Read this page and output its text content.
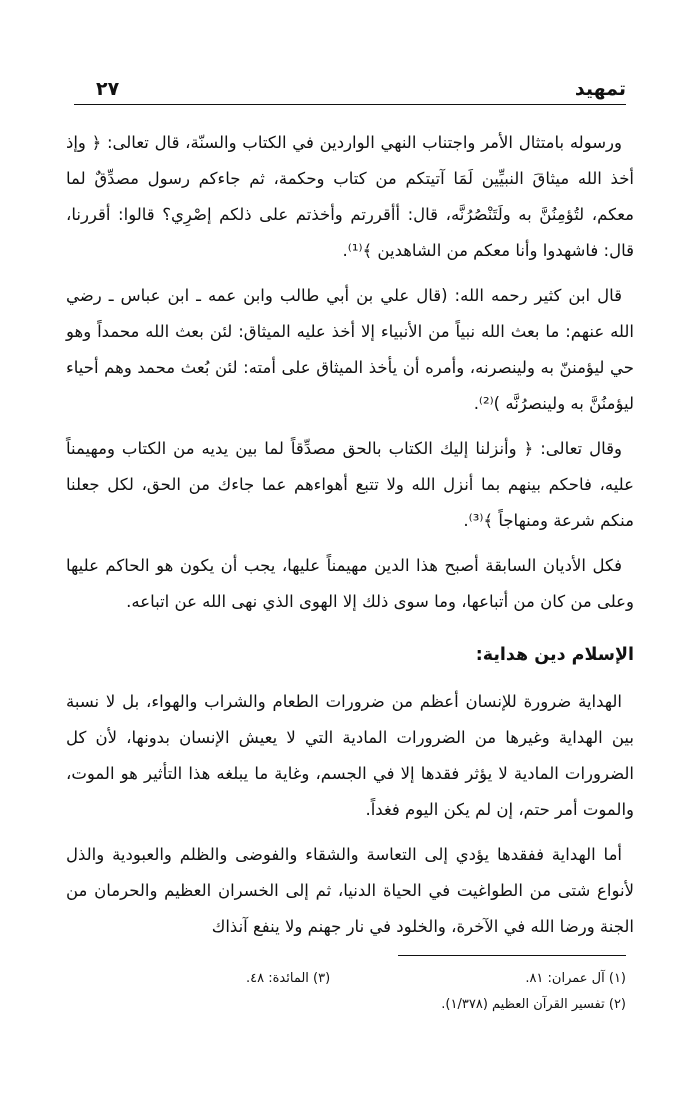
تمهيد
٢٧

ورسوله بامتثال الأمر واجتناب النهي الواردين في الكتاب والسنّة، قال تعالى: ﴿ وإذ أخذ الله ميثاقَ النبيِّين لَمَا آتيتكم من كتاب وحكمة، ثم جاءكم رسول مصدِّقٌ لما معكم، لتُؤمِنُنَّ به ولَتَنْصُرُنَّه، قال: أأقررتم وأخذتم على ذلكم إصْرِي؟ قالوا: أقررنا، قال: فاشهدوا وأنا معكم من الشاهدين ﴾⁽¹⁾.

قال ابن كثير رحمه الله: (قال علي بن أبي طالب وابن عمه ـ ابن عباس ـ رضي الله عنهم: ما بعث الله نبياً من الأنبياء إلا أخذ عليه الميثاق: لئن بعث الله محمداً وهو حي ليؤمننّ به ولينصرنه، وأمره أن يأخذ الميثاق على أمته: لئن بُعث محمد وهم أحياء ليؤمنُنَّ به ولينصرُنَّه )⁽²⁾.

وقال تعالى: ﴿ وأنزلنا إليك الكتاب بالحق مصدِّقاً لما بين يديه من الكتاب ومهيمناً عليه، فاحكم بينهم بما أنزل الله ولا تتبع أهواءهم عما جاءك من الحق، لكل جعلنا منكم شرعة ومنهاجاً ﴾⁽³⁾.

فكل الأديان السابقة أصبح هذا الدين مهيمناً عليها، يجب أن يكون هو الحاكم عليها وعلى من كان من أتباعها، وما سوى ذلك إلا الهوى الذي نهى الله عن اتباعه.

الإسلام دين هداية:

الهداية ضرورة للإنسان أعظم من ضرورات الطعام والشراب والهواء، بل لا نسبة بين الهداية وغيرها من الضرورات المادية التي لا يعيش الإنسان بدونها، لأن كل الضرورات المادية لا يؤثر فقدها إلا في الجسم، وغاية ما يبلغه هذا التأثير هو الموت، والموت أمر حتم، إن لم يكن اليوم فغداً.

أما الهداية ففقدها يؤدي إلى التعاسة والشقاء والفوضى والظلم والعبودية والذل لأنواع شتى من الطواغيت في الحياة الدنيا، ثم إلى الخسران العظيم والحرمان من الجنة ورضا الله في الآخرة، والخلود في نار جهنم ولا ينفع آنذاك

(١) آل عمران: ٨١.
(٣) المائدة: ٤٨.
(٢) تفسير القرآن العظيم (١/٣٧٨).
